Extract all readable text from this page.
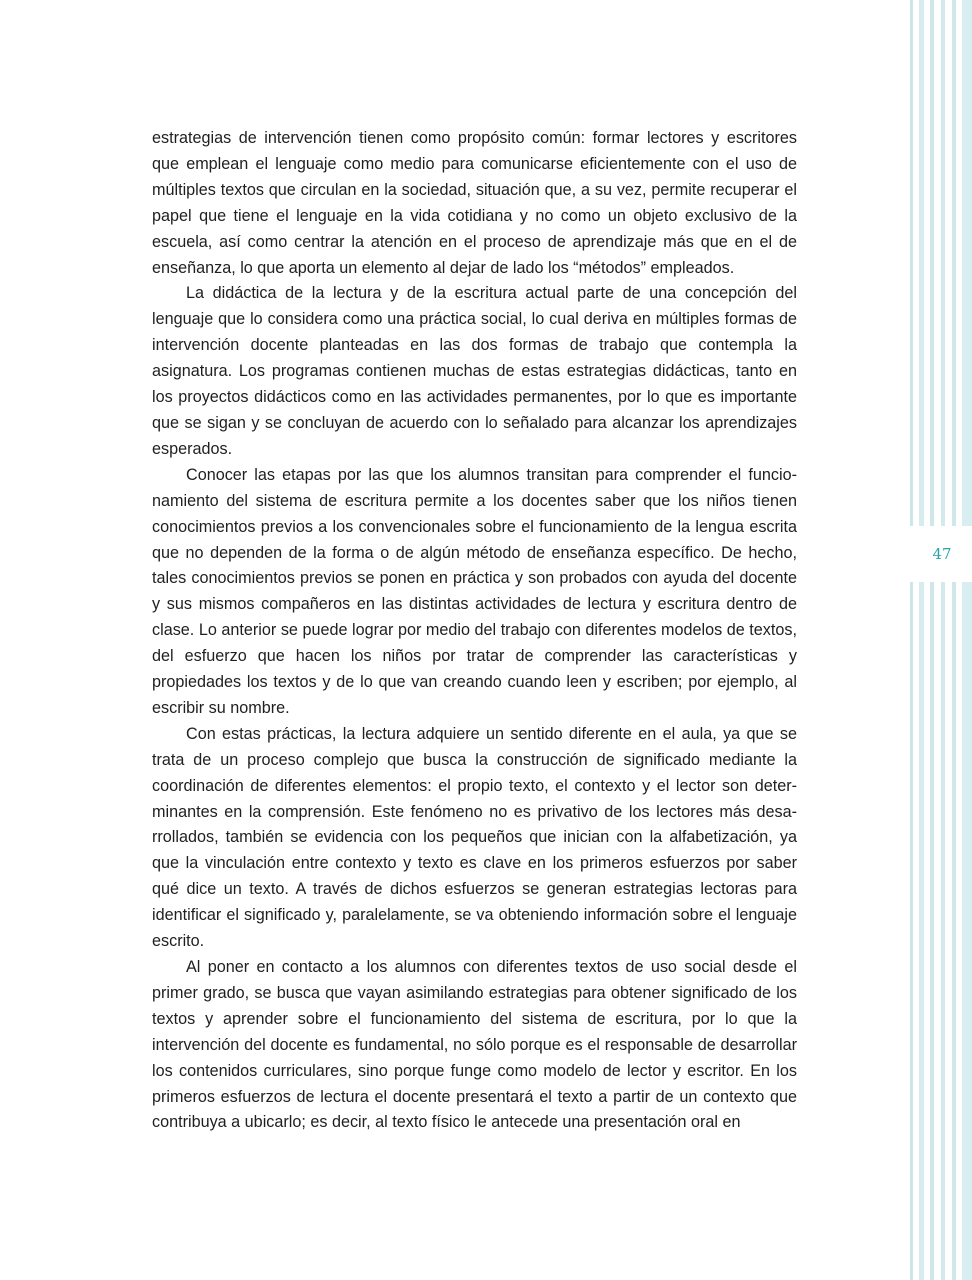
estrategias de intervención tienen como propósito común: formar lectores y escritores que emplean el lenguaje como medio para comunicarse eficientemente con el uso de múltiples textos que circulan en la sociedad, situación que, a su vez, permite recuperar el papel que tiene el lenguaje en la vida cotidiana y no como un objeto exclusivo de la escuela, así como centrar la atención en el proceso de aprendizaje más que en el de enseñanza, lo que aporta un elemento al dejar de lado los “métodos” empleados.

La didáctica de la lectura y de la escritura actual parte de una concepción del lenguaje que lo considera como una práctica social, lo cual deriva en múltiples formas de intervención docente planteadas en las dos formas de trabajo que contempla la asignatura. Los programas contienen muchas de estas estrategias didácticas, tanto en los proyectos didácticos como en las actividades permanentes, por lo que es importante que se sigan y se concluyan de acuerdo con lo señalado para alcanzar los aprendizajes esperados.

Conocer las etapas por las que los alumnos transitan para comprender el funcionamiento del sistema de escritura permite a los docentes saber que los niños tienen conocimientos previos a los convencionales sobre el funcionamiento de la lengua escrita que no dependen de la forma o de algún método de enseñanza específico. De hecho, tales conocimientos previos se ponen en práctica y son probados con ayuda del docente y sus mismos compañeros en las distintas actividades de lectura y escritura dentro de clase. Lo anterior se puede lograr por medio del trabajo con diferentes modelos de textos, del esfuerzo que hacen los niños por tratar de comprender las características y propiedades los textos y de lo que van creando cuando leen y escriben; por ejemplo, al escribir su nombre.

Con estas prácticas, la lectura adquiere un sentido diferente en el aula, ya que se trata de un proceso complejo que busca la construcción de significado mediante la coordinación de diferentes elementos: el propio texto, el contexto y el lector son determinantes en la comprensión. Este fenómeno no es privativo de los lectores más desarrollados, también se evidencia con los pequeños que inician con la alfabetización, ya que la vinculación entre contexto y texto es clave en los primeros esfuerzos por saber qué dice un texto. A través de dichos esfuerzos se generan estrategias lectoras para identificar el significado y, paralelamente, se va obteniendo información sobre el lenguaje escrito.

Al poner en contacto a los alumnos con diferentes textos de uso social desde el primer grado, se busca que vayan asimilando estrategias para obtener significado de los textos y aprender sobre el funcionamiento del sistema de escritura, por lo que la intervención del docente es fundamental, no sólo porque es el responsable de desarrollar los contenidos curriculares, sino porque funge como modelo de lector y escritor. En los primeros esfuerzos de lectura el docente presentará el texto a partir de un contexto que contribuya a ubicarlo; es decir, al texto físico le antecede una presentación oral en

47
